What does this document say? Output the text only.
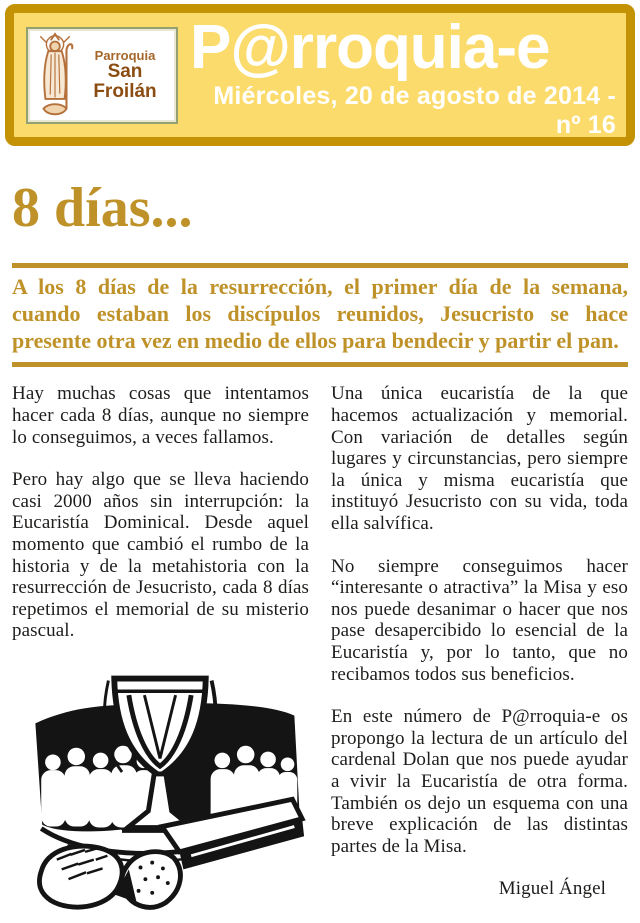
Parroquia
San Froilán
P@rroquia-e
Miércoles, 20 de agosto de 2014 - nº 16
8 días...

A los 8 días de la resurrección, el primer día de la semana, cuando estaban los discípulos reunidos, Jesucristo se hace presente otra vez en medio de ellos para bendecir y partir el pan.

Hay muchas cosas que intentamos hacer cada 8 días, aunque no siempre lo conseguimos, a veces fallamos.

Pero hay algo que se lleva haciendo casi 2000 años sin interrupción: la Eucaristía Dominical. Desde aquel momento que cambió el rumbo de la historia y de la metahistoria con la resurrección de Jesucristo, cada 8 días repetimos el memorial de su misterio pascual.

Una única eucaristía de la que hacemos actualización y memorial. Con variación de detalles según lugares y circunstancias, pero siempre la única y misma eucaristía que instituyó Jesucristo con su vida, toda ella salvífica.

No siempre conseguimos hacer “interesante o atractiva” la Misa y eso nos puede desanimar o hacer que nos pase desapercibido lo esencial de la Eucaristía y, por lo tanto, que no recibamos todos sus beneficios.

En este número de P@rroquia-e os propongo la lectura de un artículo del cardenal Dolan que nos puede ayudar a vivir la Eucaristía de otra forma. También os dejo un esquema con una breve explicación de las distintas partes de la Misa.

Miguel Ángel
